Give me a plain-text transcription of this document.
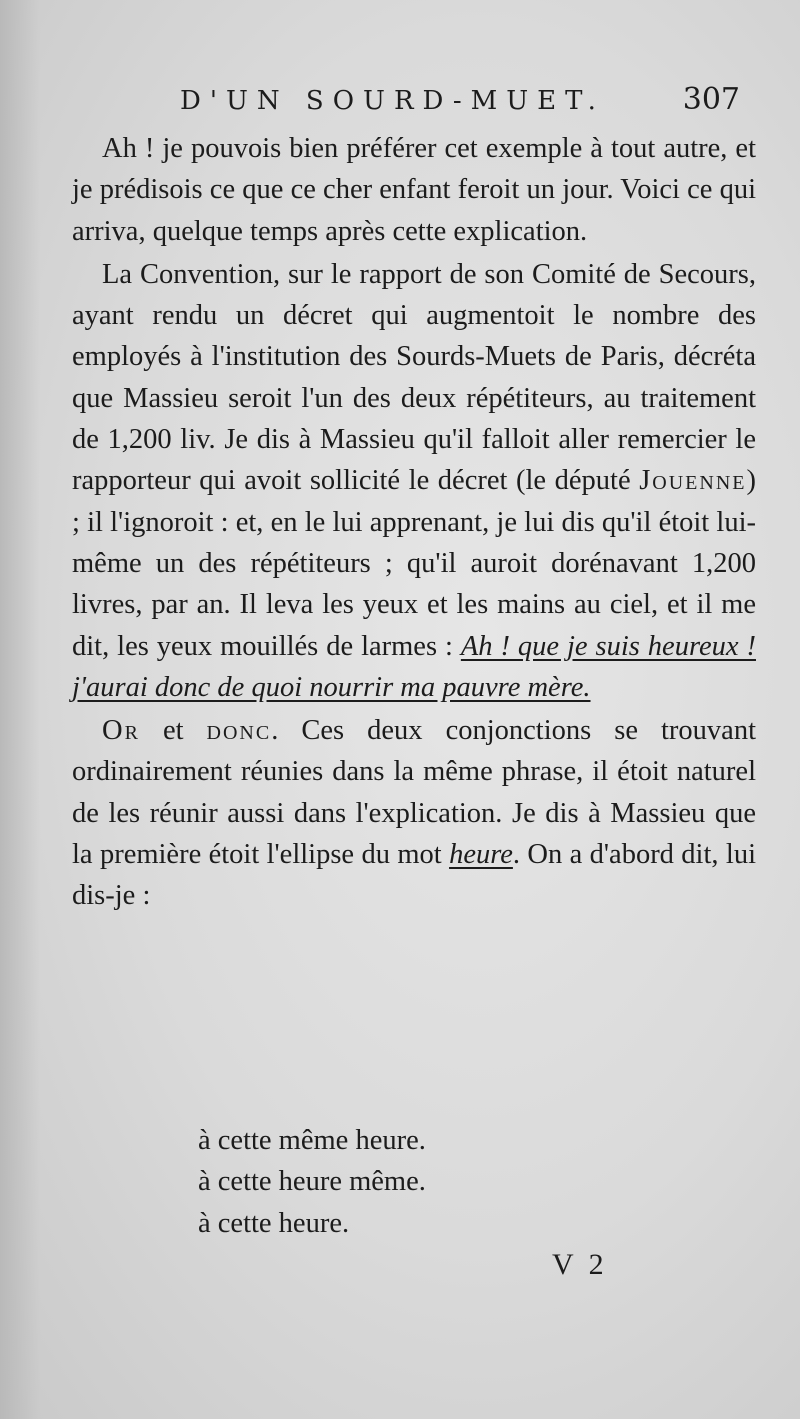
D'UN SOURD-MUET.	307

Ah ! je pouvois bien préférer cet exemple à tout autre, et je prédisois ce que ce cher enfant feroit un jour. Voici ce qui arriva, quelque temps après cette explication.

La Convention, sur le rapport de son Comité de Secours, ayant rendu un décret qui augmentoit le nombre des employés à l'institution des Sourds-Muets de Paris, décréta que Massieu seroit l'un des deux répétiteurs, au traitement de 1,200 liv. Je dis à Massieu qu'il falloit aller remercier le rapporteur qui avoit sollicité le décret (le député Jouenne) ; il l'ignoroit : et, en le lui apprenant, je lui dis qu'il étoit lui-même un des répétiteurs ; qu'il auroit dorénavant 1,200 livres, par an. Il leva les yeux et les mains au ciel, et il me dit, les yeux mouillés de larmes : Ah ! que je suis heureux ! j'aurai donc de quoi nourrir ma pauvre mère.

Or et donc. Ces deux conjonctions se trouvant ordinairement réunies dans la même phrase, il étoit naturel de les réunir aussi dans l'explication. Je dis à Massieu que la première étoit l'ellipse du mot heure. On a d'abord dit, lui dis-je :

à cette même heure.
à cette heure même.
à cette heure.
V 2
